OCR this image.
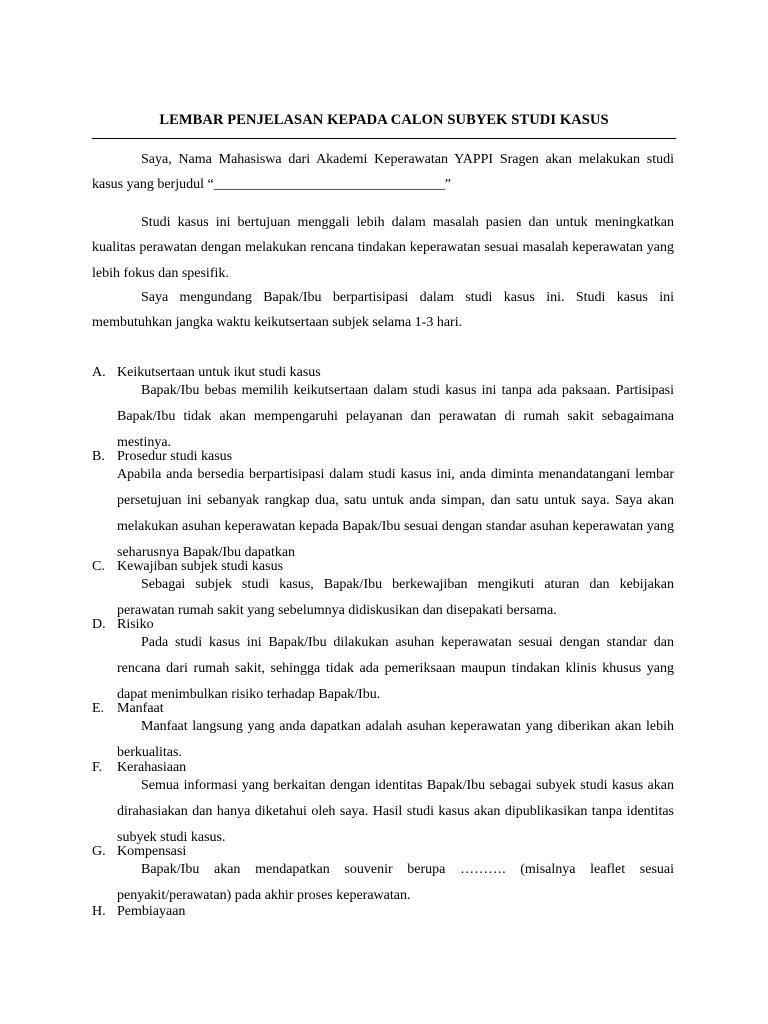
LEMBAR PENJELASAN KEPADA CALON SUBYEK STUDI KASUS

Saya, Nama Mahasiswa dari Akademi Keperawatan YAPPI Sragen akan melakukan studi kasus yang berjudul “_________________________________”

Studi kasus ini bertujuan menggali lebih dalam masalah pasien dan untuk meningkatkan kualitas perawatan dengan melakukan rencana tindakan keperawatan sesuai masalah keperawatan yang lebih fokus dan spesifik.

Saya mengundang Bapak/Ibu berpartisipasi dalam studi kasus ini. Studi kasus ini membutuhkan jangka waktu keikutsertaan subjek selama 1-3 hari.

A. Keikutsertaan untuk ikut studi kasus
Bapak/Ibu bebas memilih keikutsertaan dalam studi kasus ini tanpa ada paksaan. Partisipasi Bapak/Ibu tidak akan mempengaruhi pelayanan dan perawatan di rumah sakit sebagaimana mestinya.
B. Prosedur studi kasus
Apabila anda bersedia berpartisipasi dalam studi kasus ini, anda diminta menandatangani lembar persetujuan ini sebanyak rangkap dua, satu untuk anda simpan, dan satu untuk saya. Saya akan melakukan asuhan keperawatan kepada Bapak/Ibu sesuai dengan standar asuhan keperawatan yang seharusnya Bapak/Ibu dapatkan
C. Kewajiban subjek studi kasus
Sebagai subjek studi kasus, Bapak/Ibu berkewajiban mengikuti aturan dan kebijakan perawatan rumah sakit yang sebelumnya didiskusikan dan disepakati bersama.
D. Risiko
Pada studi kasus ini Bapak/Ibu dilakukan asuhan keperawatan sesuai dengan standar dan rencana dari rumah sakit, sehingga tidak ada pemeriksaan maupun tindakan klinis khusus yang dapat menimbulkan risiko terhadap Bapak/Ibu.
E. Manfaat
Manfaat langsung yang anda dapatkan adalah asuhan keperawatan yang diberikan akan lebih berkualitas.
F. Kerahasiaan
Semua informasi yang berkaitan dengan identitas Bapak/Ibu sebagai subyek studi kasus akan dirahasiakan dan hanya diketahui oleh saya. Hasil studi kasus akan dipublikasikan tanpa identitas subyek studi kasus.
G. Kompensasi
Bapak/Ibu akan mendapatkan souvenir berupa ………. (misalnya leaflet sesuai penyakit/perawatan) pada akhir proses keperawatan.
H. Pembiayaan
